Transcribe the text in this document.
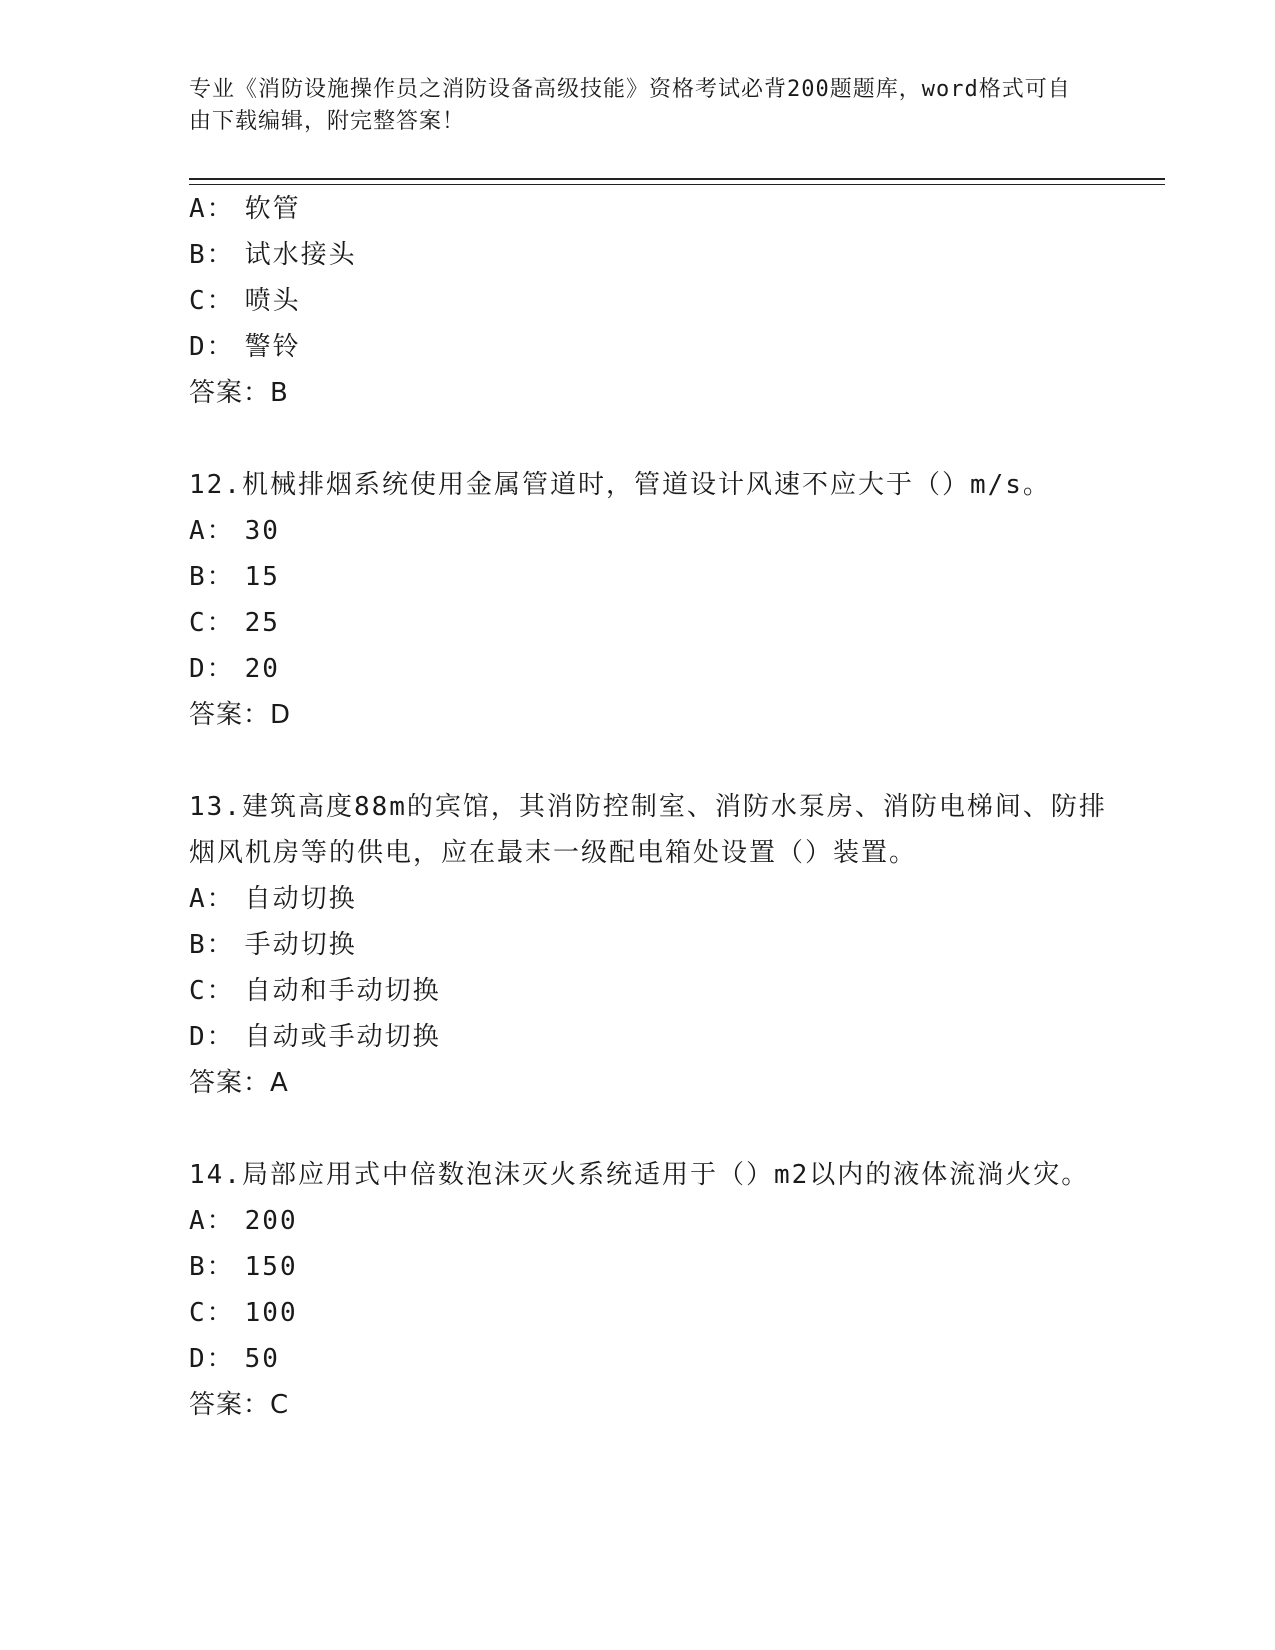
专业《消防设施操作员之消防设备高级技能》资格考试必背200题题库，word格式可自由下载编辑，附完整答案！
A： 软管
B： 试水接头
C： 喷头
D： 警铃
答案：B
12.机械排烟系统使用金属管道时，管道设计风速不应大于（）m/s。
A： 30
B： 15
C： 25
D： 20
答案：D
13.建筑高度88m的宾馆，其消防控制室、消防水泵房、消防电梯间、防排烟风机房等的供电，应在最末一级配电箱处设置（）装置。
A： 自动切换
B： 手动切换
C： 自动和手动切换
D： 自动或手动切换
答案：A
14.局部应用式中倍数泡沫灭火系统适用于（）m2以内的液体流淌火灾。
A： 200
B： 150
C： 100
D： 50
答案：C
